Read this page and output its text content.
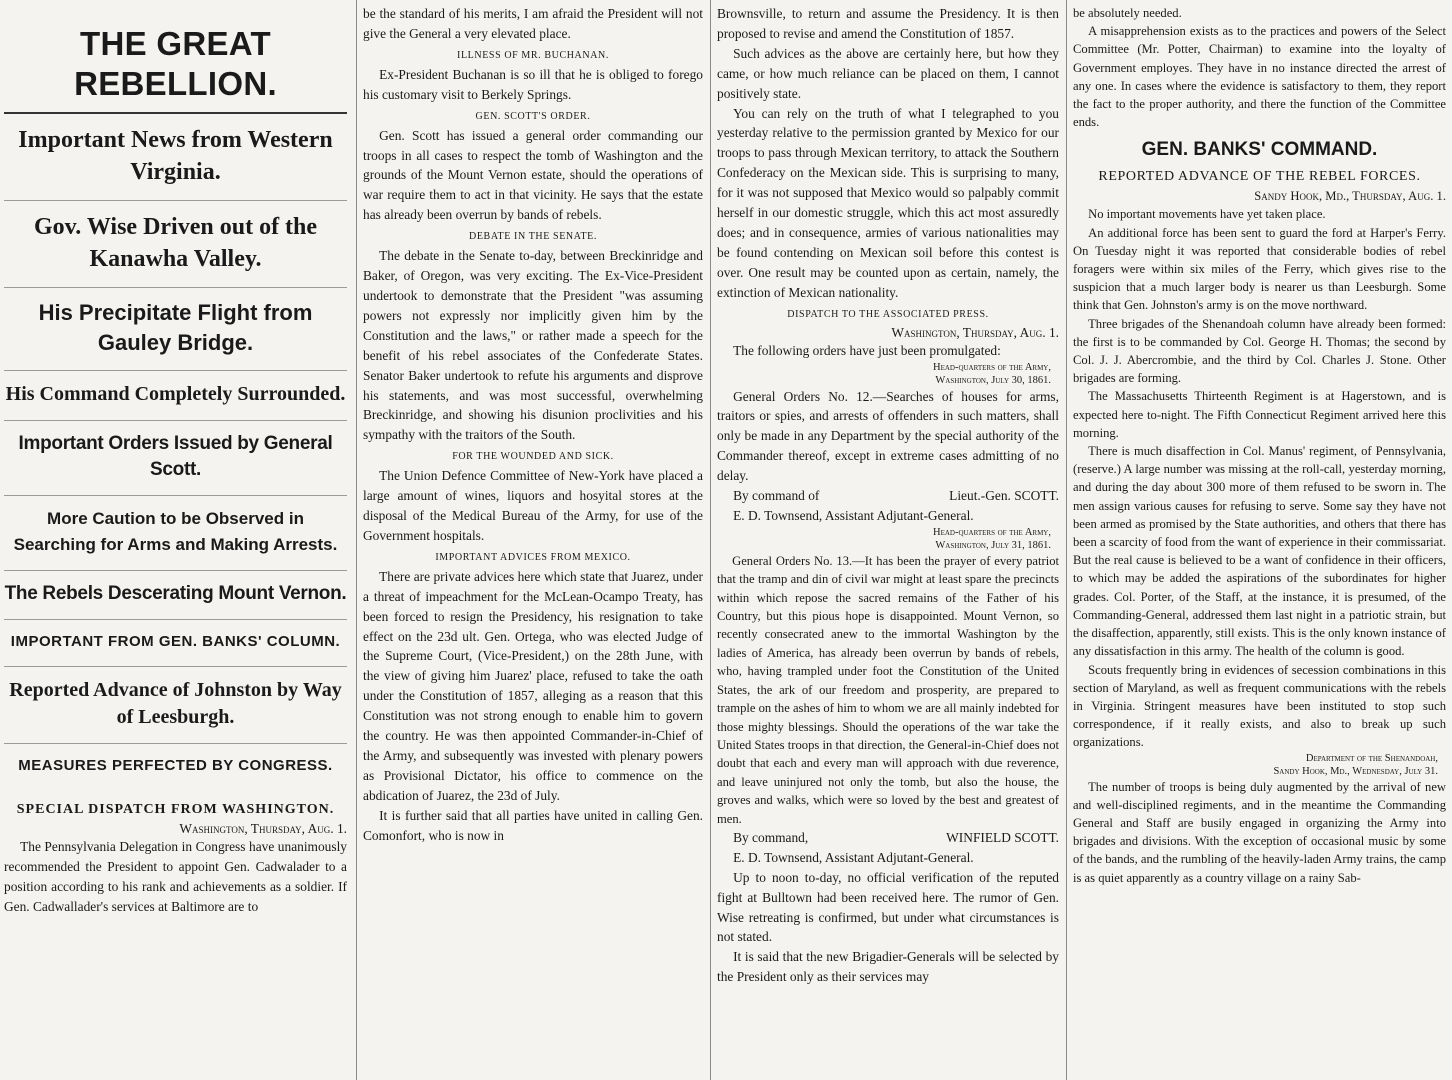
THE GREAT REBELLION.
Important News from Western Virginia.
Gov. Wise Driven out of the Kanawha Valley.
His Precipitate Flight from Gauley Bridge.
His Command Completely Surrounded.
Important Orders Issued by General Scott.
More Caution to be Observed in Searching for Arms and Making Arrests.
The Rebels Descerating Mount Vernon.
IMPORTANT FROM GEN. BANKS' COLUMN.
Reported Advance of Johnston by Way of Leesburgh.
MEASURES PERFECTED BY CONGRESS.
SPECIAL DISPATCH FROM WASHINGTON.
Washington, Thursday, Aug. 1.

The Pennsylvania Delegation in Congress have unanimously recommended the President to appoint Gen. Cadwalader to a position according to his rank and achievements as a soldier. If Gen. Cadwallader's services at Baltimore are to

be the standard of his merits, I am afraid the President will not give the General a very elevated place.

ILLNESS OF MR. BUCHANAN.

Ex-President Buchanan is so ill that he is obliged to forego his customary visit to Berkely Springs.

GEN. SCOTT'S ORDER.

Gen. Scott has issued a general order commanding our troops in all cases to respect the tomb of Washington and the grounds of the Mount Vernon estate, should the operations of war require them to act in that vicinity. He says that the estate has already been overrun by bands of rebels.

DEBATE IN THE SENATE.

The debate in the Senate to-day, between Breckinridge and Baker, of Oregon, was very exciting. The Ex-Vice-President undertook to demonstrate that the President "was assuming powers not expressly nor implicitly given him by the Constitution and the laws," or rather made a speech for the benefit of his rebel associates of the Confederate States. Senator Baker undertook to refute his arguments and disprove his statements, and was most successful, overwhelming Breckinridge, and showing his disunion proclivities and his sympathy with the traitors of the South.

FOR THE WOUNDED AND SICK.

The Union Defence Committee of New-York have placed a large amount of wines, liquors and hosyital stores at the disposal of the Medical Bureau of the Army, for use of the Government hospitals.

IMPORTANT ADVICES FROM MEXICO.

There are private advices here which state that Juarez, under a threat of impeachment for the McLean-Ocampo Treaty, has been forced to resign the Presidency, his resignation to take effect on the 23d ult. Gen. Ortega, who was elected Judge of the Supreme Court, (Vice-President,) on the 28th June, with the view of giving him Juarez' place, refused to take the oath under the Constitution of 1857, alleging as a reason that this Constitution was not strong enough to enable him to govern the country. He was then appointed Commander-in-Chief of the Army, and subsequently was invested with plenary powers as Provisional Dictator, his office to commence on the abdication of Juarez, the 23d of July.

It is further said that all parties have united in calling Gen. Comonfort, who is now in

Brownsville, to return and assume the Presidency. It is then proposed to revise and amend the Constitution of 1857.

Such advices as the above are certainly here, but how they came, or how much reliance can be placed on them, I cannot positively state.

You can rely on the truth of what I telegraphed to you yesterday relative to the permission granted by Mexico for our troops to pass through Mexican territory, to attack the Southern Confederacy on the Mexican side. This is surprising to many, for it was not supposed that Mexico would so palpably commit herself in our domestic struggle, which this act most assuredly does; and in consequence, armies of various nationalities may be found contending on Mexican soil before this contest is over. One result may be counted upon as certain, namely, the extinction of Mexican nationality.

DISPATCH TO THE ASSOCIATED PRESS.
Washington, Thursday, Aug. 1.

The following orders have just been promulgated:

Head-quarters of the Army,
Washington, July 30, 1861.

General Orders No. 12.—Searches of houses for arms, traitors or spies, and arrests of offenders in such matters, shall only be made in any Department by the special authority of the Commander thereof, except in extreme cases admitting of no delay.

By command of	Lieut.-Gen. SCOTT.
E. D. Townsend, Assistant Adjutant-General.
Head-quarters of the Army,
Washington, July 31, 1861.

General Orders No. 13.—It has been the prayer of every patriot that the tramp and din of civil war might at least spare the precincts within which repose the sacred remains of the Father of his Country, but this pious hope is disappointed. Mount Vernon, so recently consecrated anew to the immortal Washington by the ladies of America, has already been overrun by bands of rebels, who, having trampled under foot the Constitution of the United States, the ark of our freedom and prosperity, are prepared to trample on the ashes of him to whom we are all mainly indebted for those mighty blessings. Should the operations of the war take the United States troops in that direction, the General-in-Chief does not doubt that each and every man will approach with due reverence, and leave uninjured not only the tomb, but also the house, the groves and walks, which were so loved by the best and greatest of men.

By command,	WINFIELD SCOTT.
E. D. Townsend, Assistant Adjutant-General.

Up to noon to-day, no official verification of the reputed fight at Bulltown had been received here. The rumor of Gen. Wise retreating is confirmed, but under what circumstances is not stated.

It is said that the new Brigadier-Generals will be selected by the President only as their services may

be absolutely needed.

A misapprehension exists as to the practices and powers of the Select Committee (Mr. Potter, Chairman) to examine into the loyalty of Government employes. They have in no instance directed the arrest of any one. In cases where the evidence is satisfactory to them, they report the fact to the proper authority, and there the function of the Committee ends.

GEN. BANKS' COMMAND.
REPORTED ADVANCE OF THE REBEL FORCES.
Sandy Hook, Md., Thursday, Aug. 1.

No important movements have yet taken place.

An additional force has been sent to guard the ford at Harper's Ferry. On Tuesday night it was reported that considerable bodies of rebel foragers were within six miles of the Ferry, which gives rise to the suspicion that a much larger body is nearer us than Leesburgh. Some think that Gen. Johnston's army is on the move northward.

Three brigades of the Shenandoah column have already been formed: the first is to be commanded by Col. George H. Thomas; the second by Col. J. J. Abercrombie, and the third by Col. Charles J. Stone. Other brigades are forming.

The Massachusetts Thirteenth Regiment is at Hagerstown, and is expected here to-night. The Fifth Connecticut Regiment arrived here this morning.

There is much disaffection in Col. Manus' regiment, of Pennsylvania, (reserve.) A large number was missing at the roll-call, yesterday morning, and during the day about 300 more of them refused to be sworn in. The men assign various causes for refusing to serve. Some say they have not been armed as promised by the State authorities, and others that there has been a scarcity of food from the want of experience in their commissariat. But the real cause is believed to be a want of confidence in their officers, to which may be added the aspirations of the subordinates for higher grades. Col. Porter, of the Staff, at the instance, it is presumed, of the Commanding-General, addressed them last night in a patriotic strain, but the disaffection, apparently, still exists. This is the only known instance of any dissatisfaction in this army. The health of the column is good.

Scouts frequently bring in evidences of secession combinations in this section of Maryland, as well as frequent communications with the rebels in Virginia. Stringent measures have been instituted to stop such correspondence, if it really exists, and also to break up such organizations.

Department of the Shenandoah,
Sandy Hook, Md., Wednesday, July 31.

The number of troops is being duly augmented by the arrival of new and well-disciplined regiments, and in the meantime the Commanding General and Staff are busily engaged in organizing the Army into brigades and divisions. With the exception of occasional music by some of the bands, and the rumbling of the heavily-laden Army trains, the camp is as quiet apparently as a country village on a rainy Sab-
